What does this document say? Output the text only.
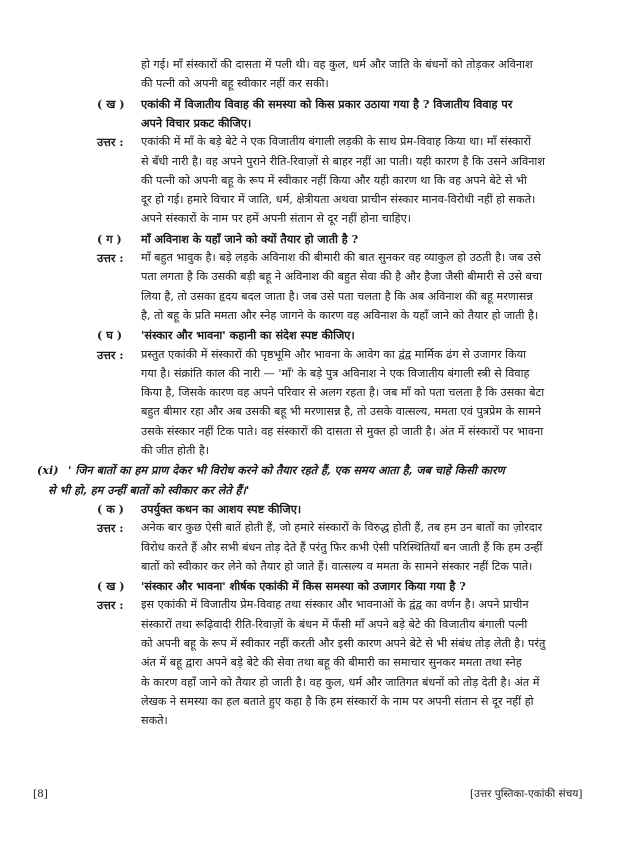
हो गई। माँ संस्कारों की दासता में पली थी। वह कुल, धर्म और जाति के बंधनों को तोड़कर अविनाश
की पत्नी को अपनी बहू स्वीकार नहीं कर सकी।
( ख ) एकांकी में विजातीय विवाह की समस्या को किस प्रकार उठाया गया है ? विजातीय विवाह पर
अपने विचार प्रकट कीजिए।
उत्तर : एकांकी में माँ के बड़े बेटे ने एक विजातीय बंगाली लड़की के साथ प्रेम-विवाह किया था। माँ संस्कारों
से बँधी नारी है। वह अपने पुराने रीति-रिवाज़ों से बाहर नहीं आ पाती। यही कारण है कि उसने अविनाश
की पत्नी को अपनी बहू के रूप में स्वीकार नहीं किया और यही कारण था कि वह अपने बेटे से भी
दूर हो गई। हमारे विचार में जाति, धर्म, क्षेत्रीयता अथवा प्राचीन संस्कार मानव-विरोधी नहीं हो सकते।
अपने संस्कारों के नाम पर हमें अपनी संतान से दूर नहीं होना चाहिए।
( ग ) माँ अविनाश के यहाँ जाने को क्यों तैयार हो जाती है ?
उत्तर : माँ बहुत भावुक है। बड़े लड़के अविनाश की बीमारी की बात सुनकर वह व्याकुल हो उठती है। जब उसे
पता लगता है कि उसकी बड़ी बहू ने अविनाश की बहुत सेवा की है और हैजा जैसी बीमारी से उसे बचा
लिया है, तो उसका हृदय बदल जाता है। जब उसे पता चलता है कि अब अविनाश की बहू मरणासन्न
है, तो बहू के प्रति ममता और स्नेह जागने के कारण वह अविनाश के यहाँ जाने को तैयार हो जाती है।
( घ ) 'संस्कार और भावना' कहानी का संदेश स्पष्ट कीजिए।
उत्तर : प्रस्तुत एकांकी में संस्कारों की पृष्ठभूमि और भावना के आवेग का द्वंद्व मार्मिक ढंग से उजागर किया
गया है। संक्रांति काल की नारी — 'माँ' के बड़े पुत्र अविनाश ने एक विजातीय बंगाली स्त्री से विवाह
किया है, जिसके कारण वह अपने परिवार से अलग रहता है। जब माँ को पता चलता है कि उसका बेटा
बहुत बीमार रहा और अब उसकी बहू भी मरणासन्न है, तो उसके वात्सल्य, ममता एवं पुत्रप्रेम के सामने
उसके संस्कार नहीं टिक पाते। वह संस्कारों की दासता से मुक्त हो जाती है। अंत में संस्कारों पर भावना
की जीत होती है।
(xi) ' जिन बातों का हम प्राण देकर भी विरोध करने को तैयार रहते हैं, एक समय आता है, जब चाहे किसी कारण
से भी हो, हम उन्हीं बातों को स्वीकार कर लेते हैं।'
( क ) उपर्युक्त कथन का आशय स्पष्ट कीजिए।
उत्तर : अनेक बार कुछ ऐसी बातें होती हैं, जो हमारे संस्कारों के विरुद्ध होती हैं, तब हम उन बातों का ज़ोरदार
विरोध करते हैं और सभी बंधन तोड़ देते हैं परंतु फिर कभी ऐसी परिस्थितियाँ बन जाती हैं कि हम उन्हीं
बातों को स्वीकार कर लेने को तैयार हो जाते हैं। वात्सल्य व ममता के सामने संस्कार नहीं टिक पाते।
( ख ) 'संस्कार और भावना' शीर्षक एकांकी में किस समस्या को उजागर किया गया है ?
उत्तर : इस एकांकी में विजातीय प्रेम-विवाह तथा संस्कार और भावनाओं के द्वंद्व का वर्णन है। अपने प्राचीन
संस्कारों तथा रूढ़िवादी रीति-रिवाज़ों के बंधन में फँसी माँ अपने बड़े बेटे की विजातीय बंगाली पत्नी
को अपनी बहू के रूप में स्वीकार नहीं करती और इसी कारण अपने बेटे से भी संबंध तोड़ लेती है। परंतु
अंत में बहू द्वारा अपने बड़े बेटे की सेवा तथा बहू की बीमारी का समाचार सुनकर ममता तथा स्नेह
के कारण वहाँ जाने को तैयार हो जाती है। वह कुल, धर्म और जातिगत बंधनों को तोड़ देती है। अंत में
लेखक ने समस्या का हल बताते हुए कहा है कि हम संस्कारों के नाम पर अपनी संतान से दूर नहीं हो
सकते।
[8]	[उत्तर पुस्तिका-एकांकी संचय]
